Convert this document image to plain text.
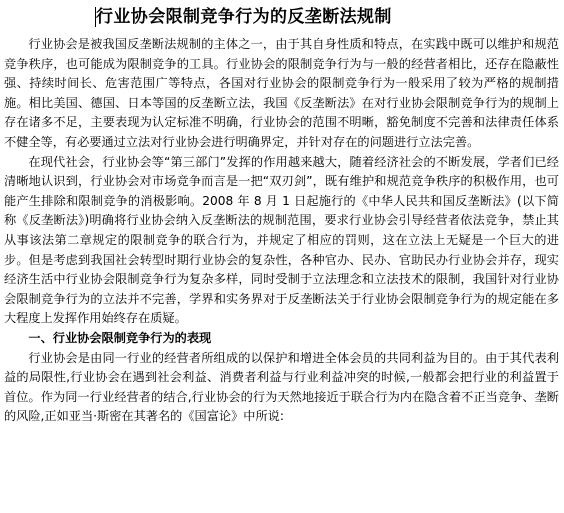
行业协会限制竞争行为的反垄断法规制

行业协会是被我国反垄断法规制的主体之一，由于其自身性质和特点，在实践中既可以维护和规范竞争秩序，也可能成为限制竞争的工具。行业协会的限制竞争行为与一般的经营者相比，还存在隐蔽性强、持续时间长、危害范围广等特点，各国对行业协会的限制竞争行为一般采用了较为严格的规制措施。相比美国、德国、日本等国的反垄断立法，我国《反垄断法》在对行业协会限制竞争行为的规制上存在诸多不足，主要表现为认定标准不明确，行业协会的范围不明晰，豁免制度不完善和法律责任体系不健全等，有必要通过立法对行业协会进行明确界定，并针对存在的问题进行立法完善。

在现代社会，行业协会等“第三部门”发挥的作用越来越大，随着经济社会的不断发展，学者们已经清晰地认识到，行业协会对市场竞争而言是一把“双刃剑”，既有维护和规范竞争秩序的积极作用，也可能产生排除和限制竞争的消极影响。2008 年 8 月 1 日起施行的《中华人民共和国反垄断法》(以下简称《反垄断法》)明确将行业协会纳入反垄断法的规制范围，要求行业协会引导经营者依法竞争，禁止其从事该法第二章规定的限制竞争的联合行为，并规定了相应的罚则，这在立法上无疑是一个巨大的进步。但是考虑到我国社会转型时期行业协会的复杂性，各种官办、民办、官助民办行业协会并存，现实经济生活中行业协会限制竞争行为复杂多样，同时受制于立法理念和立法技术的限制，我国针对行业协会限制竞争行为的立法并不完善，学界和实务界对于反垄断法关于行业协会限制竞争行为的规定能在多大程度上发挥作用始终存在质疑。

一、行业协会限制竞争行为的表现

行业协会是由同一行业的经营者所组成的以保护和增进全体会员的共同利益为目的。由于其代表利益的局限性,行业协会在遇到社会利益、消费者利益与行业利益冲突的时候,一般都会把行业的利益置于首位。作为同一行业经营者的结合,行业协会的行为天然地接近于联合行为内在隐含着不正当竞争、垄断的风险,正如亚当·斯密在其著名的《国富论》中所说:
